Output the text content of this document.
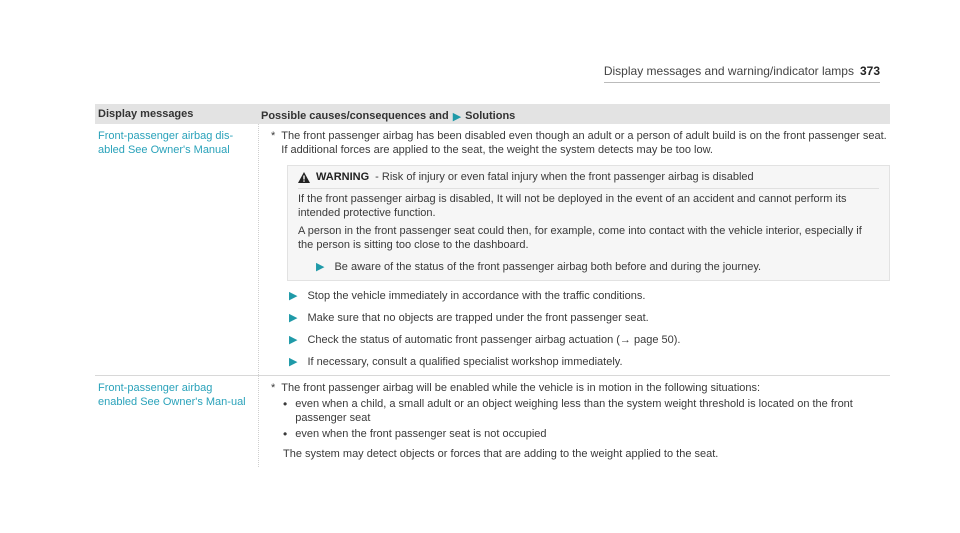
Display messages and warning/indicator lamps 373
Display messages	Possible causes/consequences and ▶ Solutions
Front-passenger airbag dis-abled See Owner's Manual
* The front passenger airbag has been disabled even though an adult or a person of adult build is on the front passenger seat. If additional forces are applied to the seat, the weight the system detects may be too low.
WARNING - Risk of injury or even fatal injury when the front passenger airbag is disabled

If the front passenger airbag is disabled, It will not be deployed in the event of an accident and cannot perform its intended protective function.

A person in the front passenger seat could then, for example, come into contact with the vehicle interior, especially if the person is sitting too close to the dashboard.

▶ Be aware of the status of the front passenger airbag both before and during the journey.
▶ Stop the vehicle immediately in accordance with the traffic conditions.
▶ Make sure that no objects are trapped under the front passenger seat.
▶ Check the status of automatic front passenger airbag actuation (→ page 50).
▶ If necessary, consult a qualified specialist workshop immediately.
Front-passenger airbag enabled See Owner's Man-ual
* The front passenger airbag will be enabled while the vehicle is in motion in the following situations:
• even when a child, a small adult or an object weighing less than the system weight threshold is located on the front passenger seat
• even when the front passenger seat is not occupied
The system may detect objects or forces that are adding to the weight applied to the seat.
